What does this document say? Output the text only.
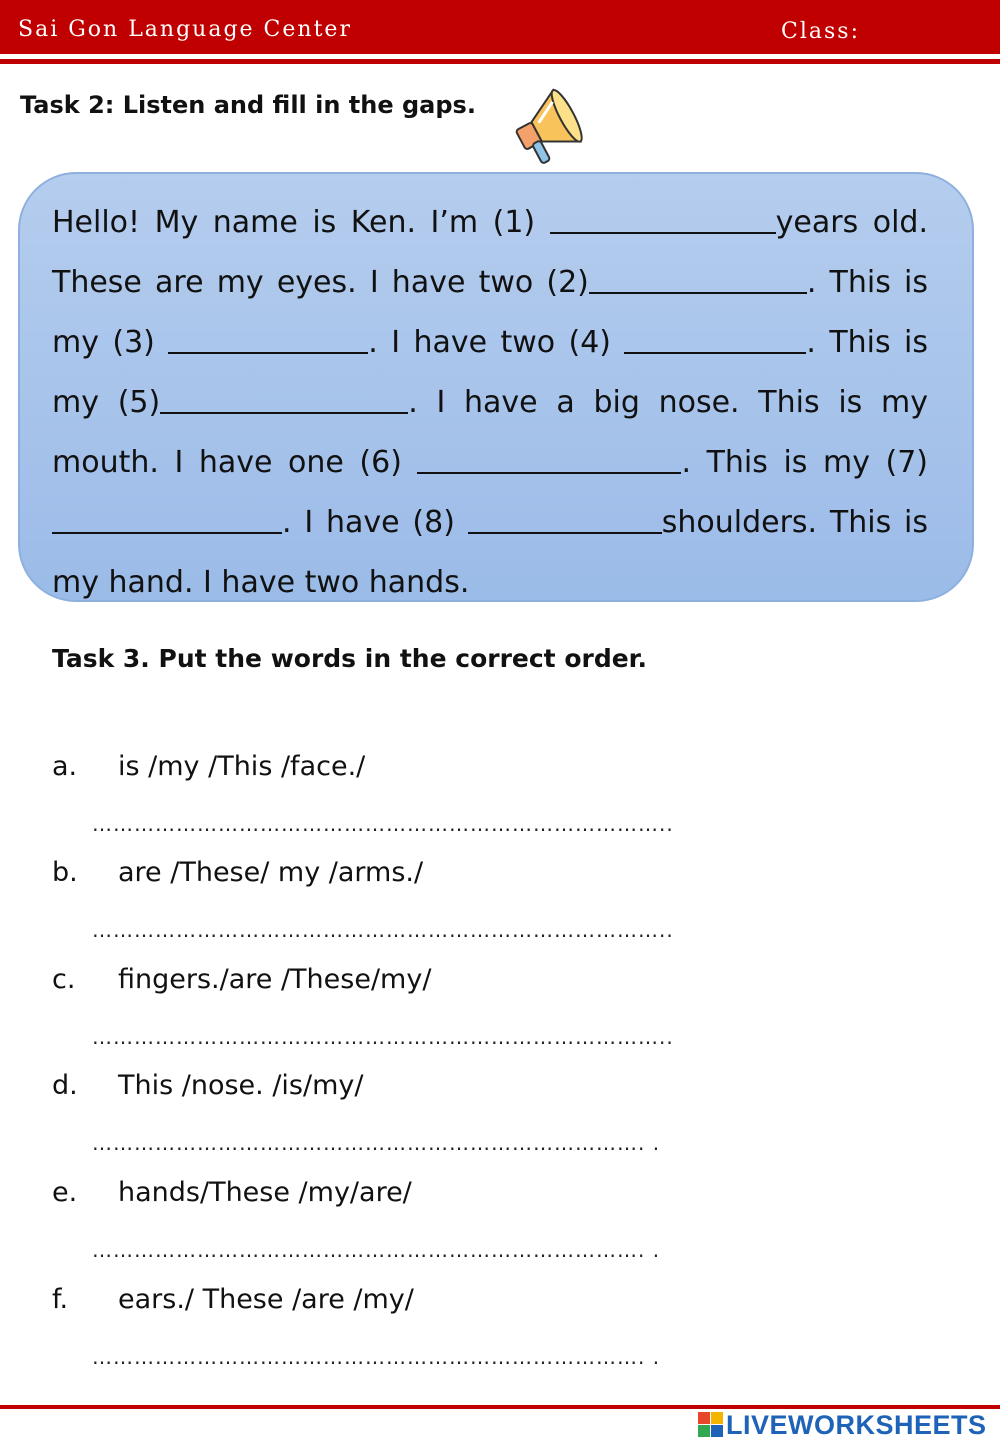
Sai Gon Language Center	Class:
Task 2: Listen and fill in the gaps.
Hello! My name is Ken. I’m (1)	years old. These are my eyes. I have two (2)	. This is my (3)	. I have two (4)	. This is my (5)	. I have a big nose. This is my mouth. I have one (6)	. This is my (7) . I have (8)	shoulders. This is my hand. I have two hands.
Task 3. Put the words in the correct order.
a. is /my /This /face./
………………………………………………………………………..
b. are /These/ my /arms./
………………………………………………………………………..
c. fingers./are /These/my/
………………………………………………………………………..
d. This /nose. /is/my/
……………………………………………………………………. .
e. hands/These /my/are/
……………………………………………………………………. .
f. ears./ These /are /my/
……………………………………………………………………. .
LIVEWORKSHEETS
